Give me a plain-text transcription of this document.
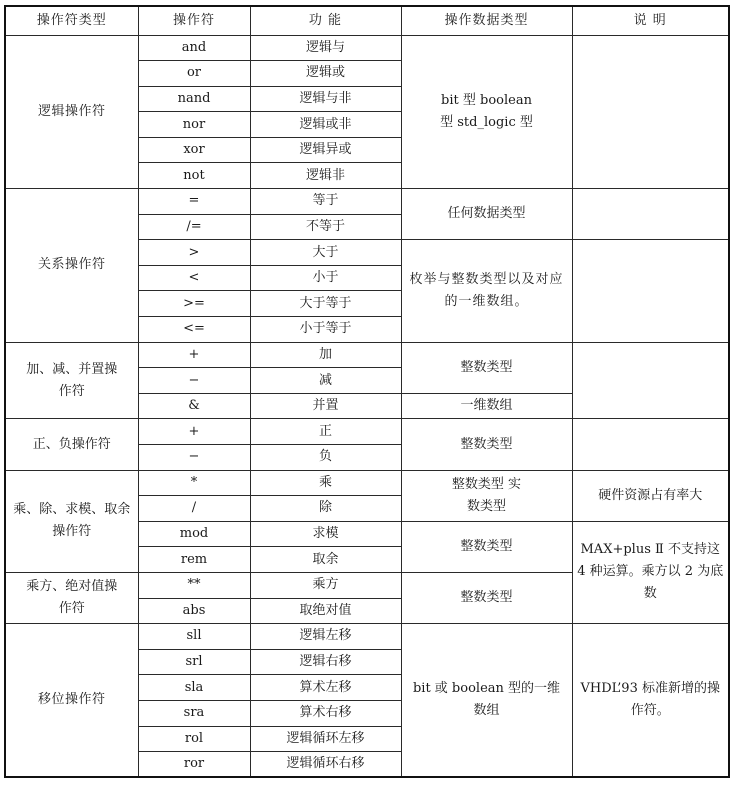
操作符类型	操作符	功 能	操作数据类型	说 明
逻辑操作符	and	逻辑与	bit 型 boolean 型 std_logic 型	
	or	逻辑或		
	nand	逻辑与非		
	nor	逻辑或非		
	xor	逻辑异或		
	not	逻辑非		
关系操作符	=	等于	任何数据类型	
	/=	不等于		
	>	大于	枚举与整数类型以及对应的一维数组。	
	<	小于		
	>=	大于等于		
	<=	小于等于		
加、减、并置操作符	+	加	整数类型	
	−	减		
	&	并置	一维数组	
正、负操作符	+	正	整数类型	
	−	负		
乘、除、求模、取余操作符	*	乘	整数类型 实数类型	硬件资源占有率大
	/	除		
	mod	求模	整数类型	MAX+plus Ⅱ 不支持这 4 种运算。乘方以 2 为底数
	rem	取余		
乘方、绝对值操作符	**	乘方	整数类型	
	abs	取绝对值		
移位操作符	sll	逻辑左移	bit 或 boolean 型的一维数组	VHDL’93 标准新增的操作符。
	srl	逻辑右移		
	sla	算术左移		
	sra	算术右移		
	rol	逻辑循环左移		
	ror	逻辑循环右移		
